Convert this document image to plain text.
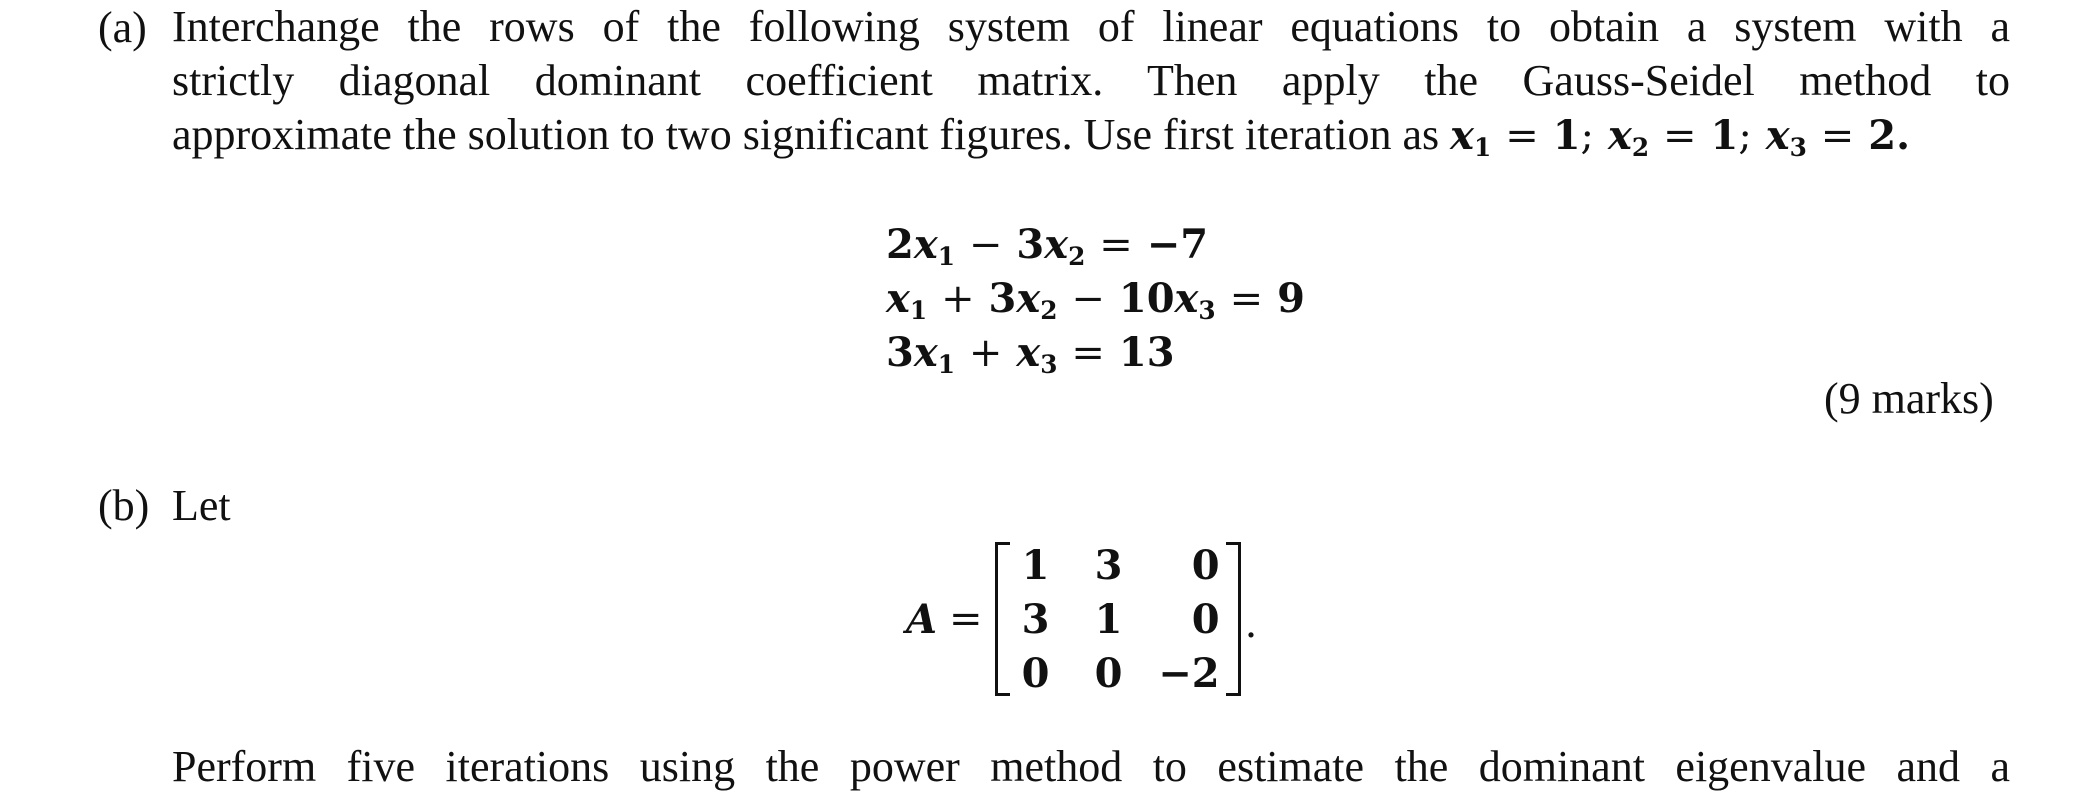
(a) Interchange the rows of the following system of linear equations to obtain a system with a
strictly diagonal dominant coefficient matrix. Then apply the Gauss-Seidel method to
approximate the solution to two significant figures. Use first iteration as $x_1 = 1$; $x_2 = 1$; $x_3 = 2$.
$2x_1 - 3x_2 = -7$
$x_1 + 3x_2 - 10x_3 = 9$
$3x_1 + x_3 = 13$
(9 marks)
(b) Let
A =
1	3	0
3	1	0
0	0 −2
.
Perform five iterations using the power method to estimate the dominant eigenvalue and a
